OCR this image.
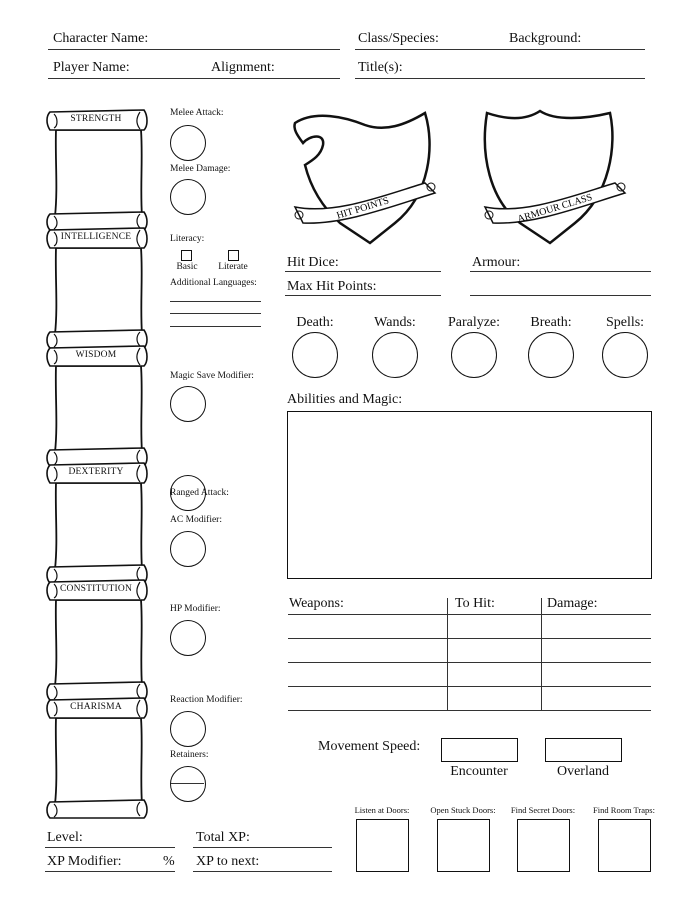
Character Name:	Class/Species:	Background:
Player Name:	Alignment:	Title(s):
STRENGTH
INTELLIGENCE
WISDOM
DEXTERITY
CONSTITUTION
CHARISMA
Melee Attack:
Melee Damage:
Literacy:
Basic Literate
Additional Languages:
Magic Save Modifier:
Ranged Attack:
AC Modifier:
HP Modifier:
Reaction Modifier:
Retainers:
HIT POINTS	ARMOUR CLASS
Hit Dice:
Max Hit Points:
Armour:
Death:	Wands: Paralyze: Breath: Spells:
Abilities and Magic:
Weapons:	To Hit:	Damage:
Movement Speed:
Encounter	Overland
Level:
XP Modifier:	%
Total XP:
XP to next:
Listen at Doors: Open Stuck Doors: Find Secret Doors: Find Room Traps:
